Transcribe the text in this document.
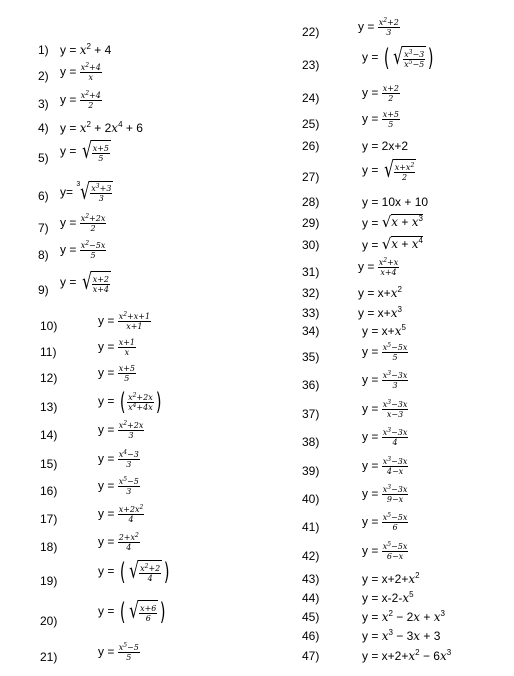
1) $y = x^2 + 4$
2) $y = \frac{x^2+4}{x}$
3) $y = \frac{x^2+4}{2}$
4) $y = x^2 + 2x^4 + 6$
5) y = √ $\frac{x+5}{5}$
6) y= $^3$ √ $\frac{x^3+3}{3}$
7) $y = \frac{x^2+2x}{2}$
8) $y = \frac{x^2-5x}{5}$
9)
y = √ $\frac{x+2}{x+4}$
10)	$y = \frac{x^2+x+1}{x+1}$
11)	$y = \frac{x+1}{x}$
12)	$y = \frac{x+5}{5}$
13)	y = ( $\frac{x^2+2x}{x^4+4x}$ )
14)	$y = \frac{x^2+2x}{3}$
15)	$y = \frac{x^4-3}{3}$
16)	$y = \frac{x^5-5}{3}$
17)	$y = \frac{x+2x^2}{4}$
18)	$y = \frac{2+x^2}{4}$
19)
y = ( √ $\frac{x^2+2}{4}$ )
20)
y = ( √ $\frac{x+6}{6}$ )
21)	$y = \frac{x^5-5}{5}$
22)	$y = \frac{x^2+2}{3}$
23)
y = ( √ $\frac{x^3-3}{x^5-5}$ )
24)	$y = \frac{x+2}{2}$
25)	$y = \frac{x+5}{5}$
26)	y = 2x+2
27)	y = √ $\frac{x+x^2}{2}$
28)	y = 10x + 10
29)	y = √ $x + x^3$
30)	y = √ $x + x^4$
31)	$y = \frac{x^2+x}{x+4}$
32)	$y = x+x^2$
33)	$y = x+x^3$
34)	$y = x+x^5$
35)	$y = \frac{x^5-5x}{5}$
36)	$y = \frac{x^3-3x}{3}$
37)	$y = \frac{x^3-3x}{x-3}$
38)	$y = \frac{x^3-3x}{4}$
39)	$y = \frac{x^3-3x}{4-x}$
40)	$y = \frac{x^3-3x}{9-x}$
41)	$y = \frac{x^5-5x}{6}$
42)	$y = \frac{x^5-5x}{6-x}$
43)	$y = x+2+x^2$
44)	$y = x-2-x^5$
45)	$y = x^2 - 2x + x^3$
46)	$y = x^3 - 3x + 3$
47)	$y = x+2+x^2 - 6x^3$
